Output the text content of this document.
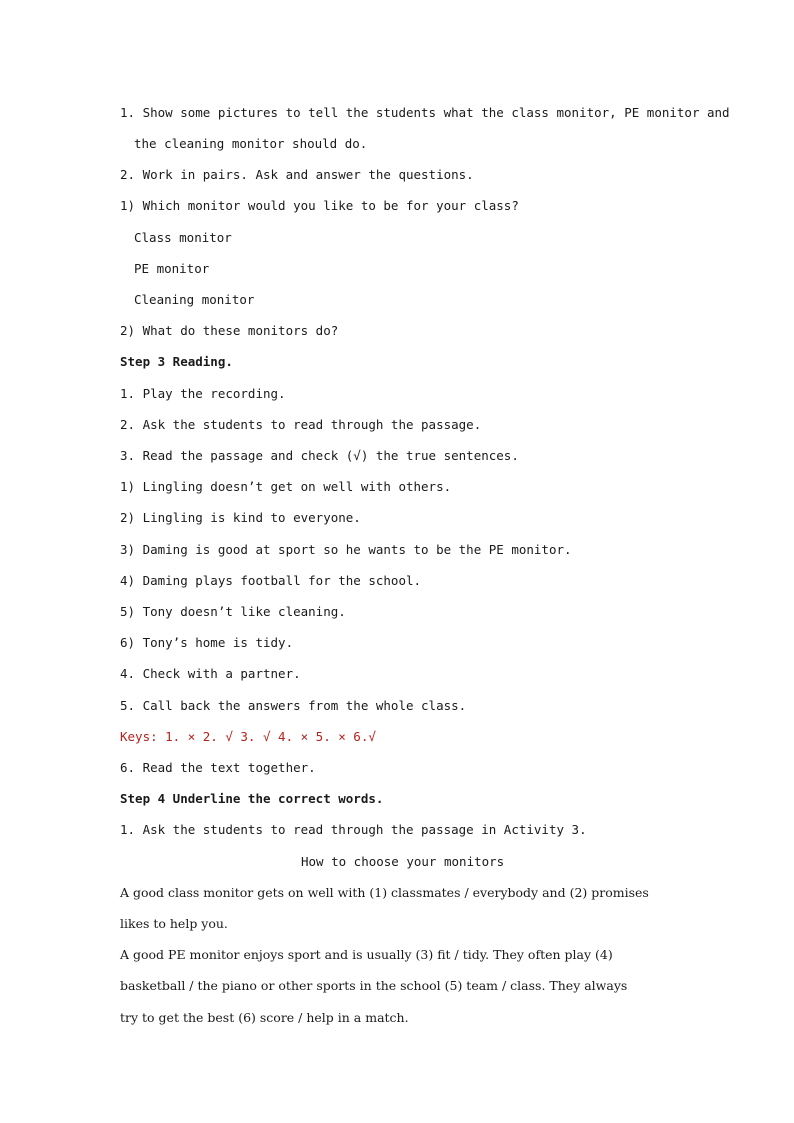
1. Show some pictures to tell the students what the class monitor, PE monitor and
the cleaning monitor should do.
2. Work in pairs. Ask and answer the questions.
1) Which monitor would you like to be for your class?
Class monitor
PE monitor
Cleaning monitor
2) What do these monitors do?
Step 3 Reading.
1. Play the recording.
2. Ask the students to read through the passage.
3. Read the passage and check (√) the true sentences.
1) Lingling doesn’t get on well with others.
2) Lingling is kind to everyone.
3) Daming is good at sport so he wants to be the PE monitor.
4) Daming plays football for the school.
5) Tony doesn’t like cleaning.
6) Tony’s home is tidy.
4. Check with a partner.
5. Call back the answers from the whole class.
Keys: 1. × 2. √ 3. √ 4. × 5. × 6.√
6. Read the text together.
Step 4 Underline the correct words.
1. Ask the students to read through the passage in Activity 3.
How to choose your monitors
A good class monitor gets on well with (1) classmates / everybody and (2) promises
likes to help you.
A good PE monitor enjoys sport and is usually (3) fit / tidy. They often play (4)
basketball / the piano or other sports in the school (5) team / class. They always
try to get the best (6) score / help in a match.
